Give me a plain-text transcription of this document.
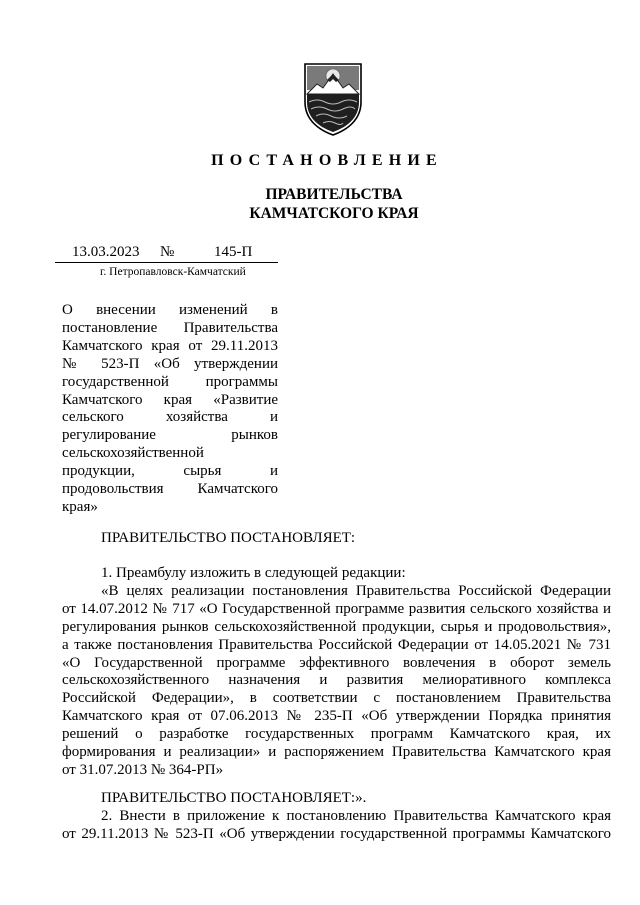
ПОСТАНОВЛЕНИЕ
ПРАВИТЕЛЬСТВА
КАМЧАТСКОГО КРАЯ
13.03.2023 №	145-П
г. Петропавловск-Камчатский
О внесении изменений в
постановление Правительства
Камчатского края от 29.11.2013
№ 523-П «Об утверждении
государственной программы
Камчатского края «Развитие
сельского хозяйства и
регулирование рынков
сельскохозяйственной
продукции, сырья и
продовольствия Камчатского
края»
ПРАВИТЕЛЬСТВО ПОСТАНОВЛЯЕТ:
1. Преамбулу изложить в следующей редакции:
«В целях реализации постановления Правительства Российской Федерации
от 14.07.2012 № 717 «О Государственной программе развития сельского хозяйства и
регулирования рынков сельскохозяйственной продукции, сырья и продовольствия»,
а также постановления Правительства Российской Федерации от 14.05.2021 № 731
«О Государственной программе эффективного вовлечения в оборот земель
сельскохозяйственного назначения и развития мелиоративного комплекса
Российской Федерации», в соответствии с постановлением Правительства
Камчатского края от 07.06.2013 № 235-П «Об утверждении Порядка принятия
решений о разработке государственных программ Камчатского края, их
формирования и реализации» и распоряжением Правительства Камчатского края
от 31.07.2013 № 364-РП»
ПРАВИТЕЛЬСТВО ПОСТАНОВЛЯЕТ:».
2. Внести в приложение к постановлению Правительства Камчатского края
от 29.11.2013 № 523-П «Об утверждении государственной программы Камчатского
